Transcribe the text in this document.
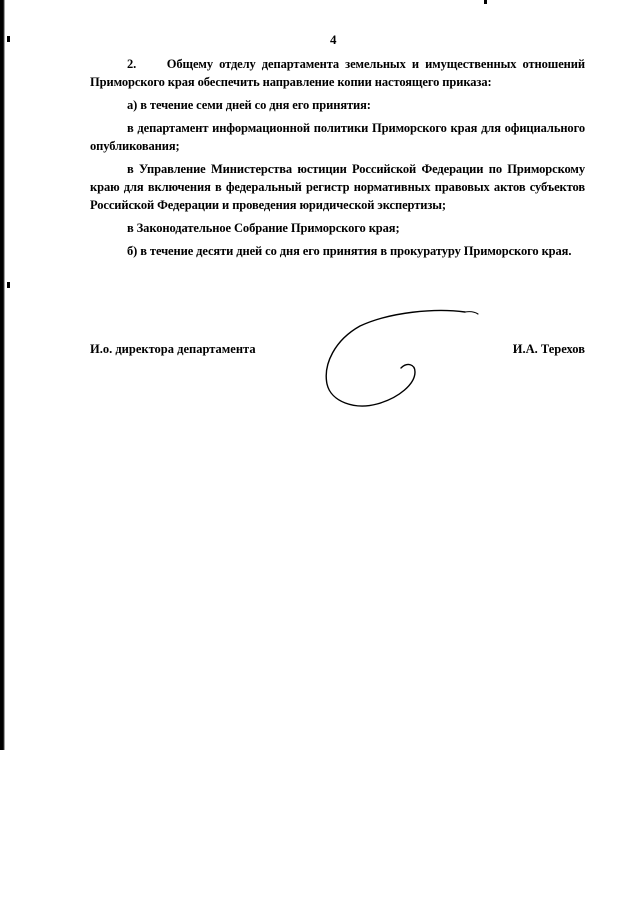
4

2.     Общему отделу департамента земельных и имущественных отношений Приморского края обеспечить направление копии настоящего приказа:

а) в течение семи дней со дня его принятия:

в департамент информационной политики Приморского края для официального опубликования;

в Управление Министерства юстиции Российской Федерации по Приморскому краю для включения в федеральный регистр нормативных правовых актов субъектов Российской Федерации и проведения юридической экспертизы;

в Законодательное Собрание Приморского края;

б) в течение десяти дней со дня его принятия в прокуратуру Приморского края.

И.о. директора департамента	И.А. Терехов
